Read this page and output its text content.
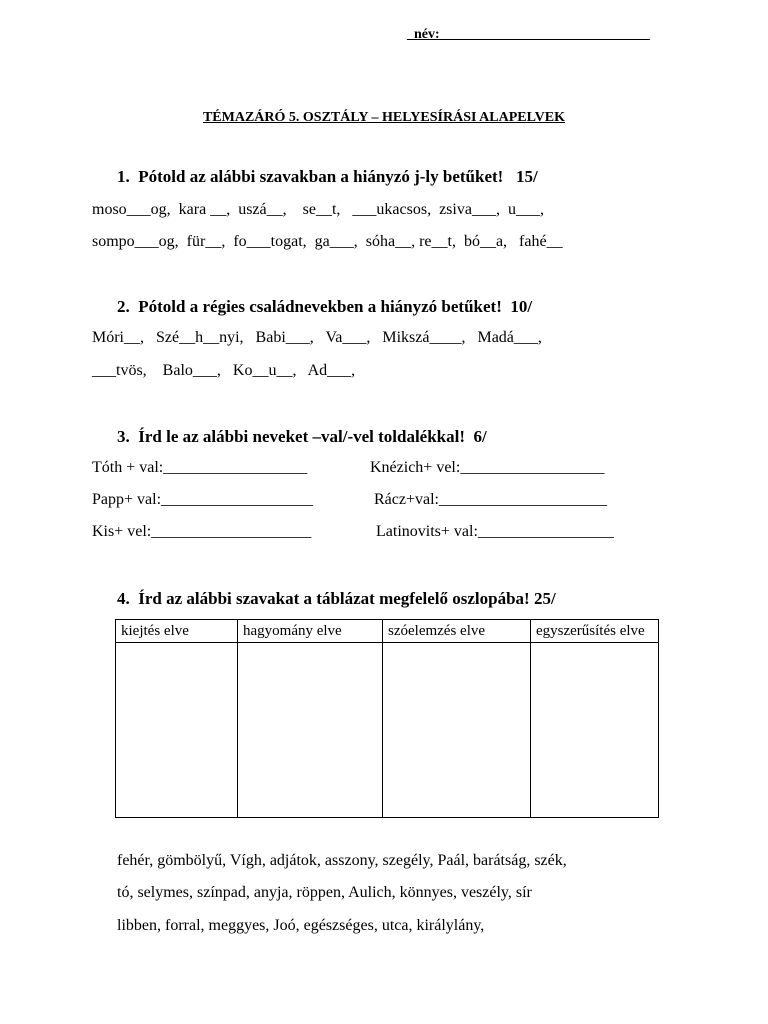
_név:______________________________
TÉMAZÁRÓ 5. OSZTÁLY – HELYESÍRÁSI ALAPELVEK
1.  Pótold az alábbi szavakban a hiányzó j-ly betűket!   15/
moso___og,  kara __,  uszá__,    se__t,   ___ukacsos,  zsiva___,  u___,
sompo___og,  für__,  fo___togat,  ga___,  sóha__, re__t,  bó__a,   fahé__
2.  Pótold a régies családnevekben a hiányzó betűket!  10/
Móri__,   Szé__h__nyi,   Babi___,   Va___,   Mikszá____,   Madá___,
___tvös,    Balo___,   Ko__u__,   Ad___,
3.  Írd le az alábbi neveket –val/-vel toldalékkal!  6/
Tóth + val:__________________	Knézich+ vel:__________________
Papp+ val:___________________	Rácz+val:_____________________
Kis+ vel:____________________	Latinovits+ val:_________________
4.  Írd az alábbi szavakat a táblázat megfelelő oszlopába! 25/
kiejtés elve	hagyomány elve	szóelemzés elve	egyszerűsítés elve

fehér, gömbölyű, Vígh, adjátok, asszony, szegély, Paál, barátság, szék,
tó, selymes, színpad, anyja, röppen, Aulich, könnyes, veszély, sír
libben, forral, meggyes, Joó, egészséges, utca, királylány,
